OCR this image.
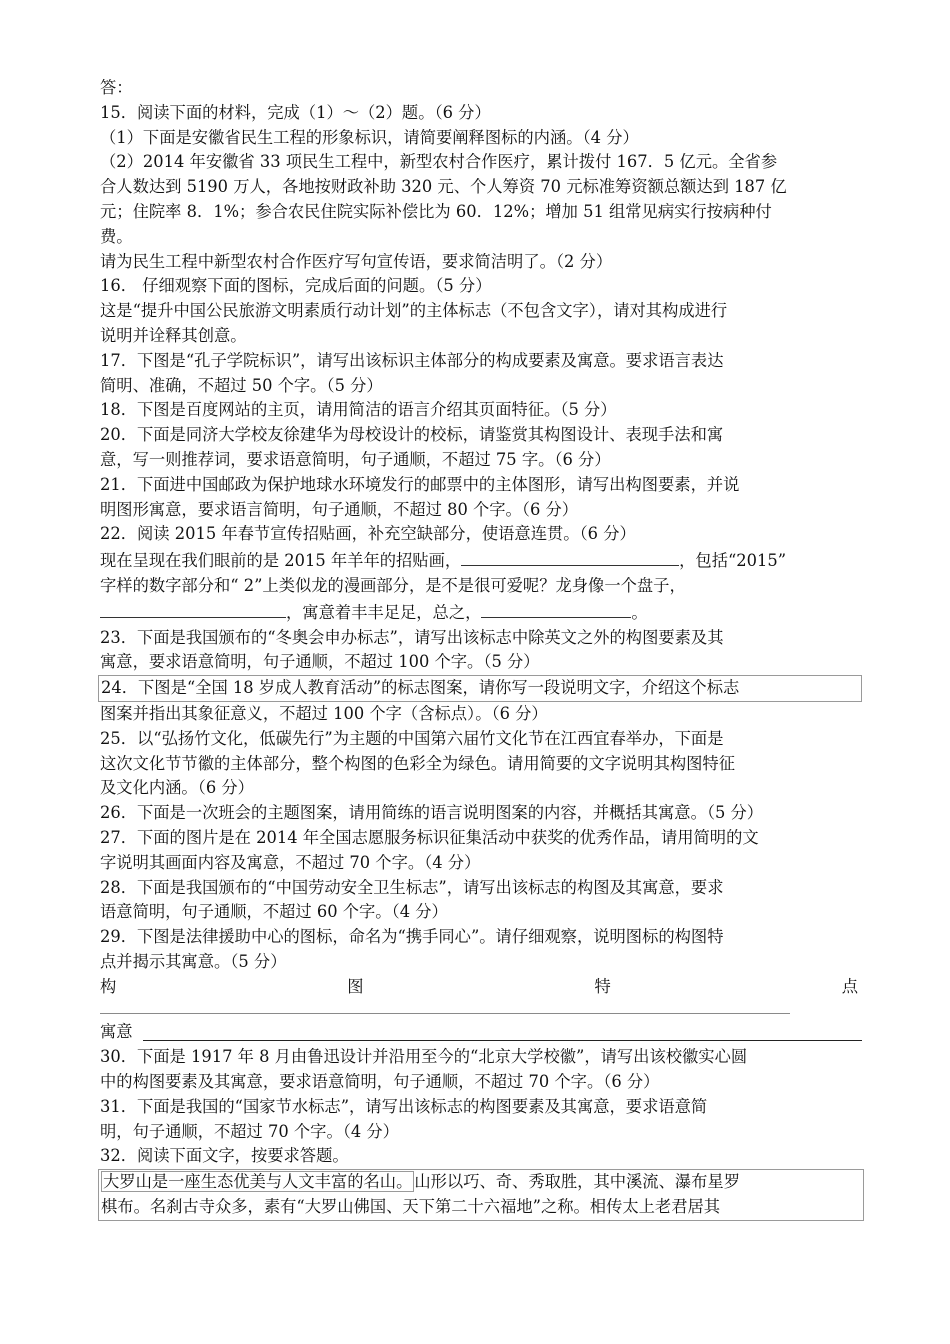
答：
15．阅读下面的材料，完成（1）～（2）题。（6 分）
（1）下面是安徽省民生工程的形象标识，请简要阐释图标的内涵。（4 分）
（2）2014 年安徽省 33 项民生工程中，新型农村合作医疗，累计拨付 167．5 亿元。全省参
合人数达到 5190 万人，各地按财政补助 320 元、个人筹资 70 元标准筹资额总额达到 187 亿
元；住院率 8．1%；参合农民住院实际补偿比为 60．12%；增加 51 组常见病实行按病种付
费。
请为民生工程中新型农村合作医疗写句宣传语，要求简洁明了。（2 分）
16． 仔细观察下面的图标，完成后面的问题。（5 分）
这是“提升中国公民旅游文明素质行动计划”的主体标志（不包含文字），请对其构成进行
说明并诠释其创意。
17．下图是“孔子学院标识”，请写出该标识主体部分的构成要素及寓意。要求语言表达
简明、准确，不超过 50 个字。（5 分）
18．下图是百度网站的主页，请用简洁的语言介绍其页面特征。（5 分）
20．下面是同济大学校友徐建华为母校设计的校标，请鉴赏其构图设计、表现手法和寓
意，写一则推荐词，要求语意简明，句子通顺，不超过 75 字。（6 分）
21．下面进中国邮政为保护地球水环境发行的邮票中的主体图形，请写出构图要素，并说
明图形寓意，要求语言简明，句子通顺，不超过 80 个字。（6 分）
22．阅读 2015 年春节宣传招贴画，补充空缺部分，使语意连贯。（6 分）
现在呈现在我们眼前的是 2015 年羊年的招贴画，	，包括“2015”
字样的数字部分和“ 2”上类似龙的漫画部分，是不是很可爱呢？龙身像一个盘子，
，寓意着丰丰足足，总之，	。
23．下面是我国颁布的“冬奥会申办标志”，请写出该标志中除英文之外的构图要素及其
寓意，要求语意简明，句子通顺，不超过 100 个字。（5 分）
24．下图是“全国 18 岁成人教育活动”的标志图案，请你写一段说明文字，介绍这个标志
图案并指出其象征意义，不超过 100 个字（含标点）。（6 分）
25．以“弘扬竹文化，低碳先行”为主题的中国第六届竹文化节在江西宜春举办，下面是
这次文化节节徽的主体部分，整个构图的色彩全为绿色。请用简要的文字说明其构图特征
及文化内涵。（6 分）
26．下面是一次班会的主题图案，请用简练的语言说明图案的内容，并概括其寓意。（5 分）
27．下面的图片是在 2014 年全国志愿服务标识征集活动中获奖的优秀作品，请用简明的文
字说明其画面内容及寓意，不超过 70 个字。（4 分）
28．下面是我国颁布的“中国劳动安全卫生标志”，请写出该标志的构图及其寓意，要求
语意简明，句子通顺，不超过 60 个字。（4 分）
29．下图是法律援助中心的图标，命名为“携手同心”。请仔细观察，说明图标的构图特
点并揭示其寓意。（5 分）
构	图	特	点
寓意
30．下面是 1917 年 8 月由鲁迅设计并沿用至今的“北京大学校徽”，请写出该校徽实心圆
中的构图要素及其寓意，要求语意简明，句子通顺，不超过 70 个字。（6 分）
31．下面是我国的“国家节水标志”，请写出该标志的构图要素及其寓意，要求语意简
明，句子通顺，不超过 70 个字。（4 分）
32．阅读下面文字，按要求答题。
大罗山是一座生态优美与人文丰富的名山。 山形以巧、奇、秀取胜，其中溪流、瀑布星罗
棋布。名刹古寺众多，素有“大罗山佛国、天下第二十六福地”之称。相传太上老君居其
